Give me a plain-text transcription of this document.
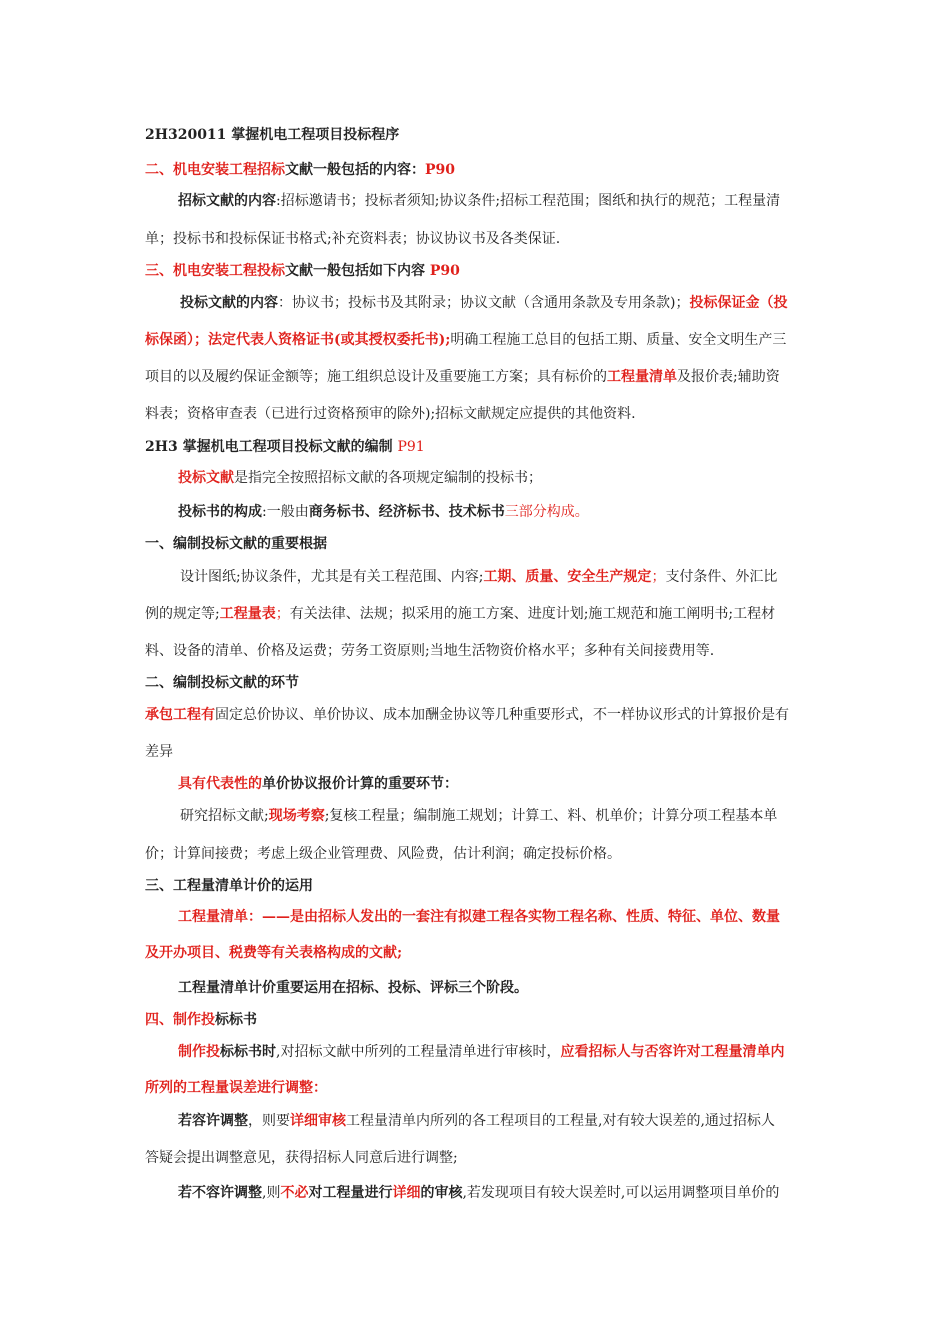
2H320011 掌握机电工程项目投标程序
二、机电安装工程招标文献一般包括的内容：P90
招标文献的内容:招标邀请书；投标者须知;协议条件;招标工程范围；图纸和执行的规范；工程量清
单；投标书和投标保证书格式;补充资料表；协议协议书及各类保证.
三、机电安装工程投标文献一般包括如下内容 P90
投标文献的内容：协议书；投标书及其附录；协议文献（含通用条款及专用条款)；投标保证金（投
标保函）；法定代表人资格证书(或其授权委托书);明确工程施工总目的包括工期、质量、安全文明生产三
项目的以及履约保证金额等；施工组织总设计及重要施工方案；具有标价的工程量清单及报价表;辅助资
料表；资格审查表（已进行过资格预审的除外);招标文献规定应提供的其他资料.
2H3 掌握机电工程项目投标文献的编制 P91
投标文献是指完全按照招标文献的各项规定编制的投标书；
投标书的构成:一般由商务标书、经济标书、技术标书三部分构成。
一、编制投标文献的重要根据
设计图纸;协议条件，尤其是有关工程范围、内容;工期、质量、安全生产规定；支付条件、外汇比
例的规定等;工程量表；有关法律、法规；拟采用的施工方案、进度计划;施工规范和施工阐明书;工程材
料、设备的清单、价格及运费；劳务工资原则;当地生活物资价格水平；多种有关间接费用等.
二、编制投标文献的环节
承包工程有固定总价协议、单价协议、成本加酬金协议等几种重要形式，不一样协议形式的计算报价是有
差异
具有代表性的单价协议报价计算的重要环节：
研究招标文献;现场考察;复核工程量；编制施工规划；计算工、料、机单价；计算分项工程基本单
价；计算间接费；考虑上级企业管理费、风险费，估计利润；确定投标价格。
三、工程量清单计价的运用
工程量清单：——是由招标人发出的一套注有拟建工程各实物工程名称、性质、特征、单位、数量
及开办项目、税费等有关表格构成的文献;
工程量清单计价重要运用在招标、投标、评标三个阶段。
四、制作投标标书
制作投标标书时,对招标文献中所列的工程量清单进行审核时，应看招标人与否容许对工程量清单内
所列的工程量误差进行调整：
若容许调整，则要详细审核工程量清单内所列的各工程项目的工程量,对有较大误差的,通过招标人
答疑会提出调整意见，获得招标人同意后进行调整;
若不容许调整,则不必对工程量进行详细的审核,若发现项目有较大误差时,可以运用调整项目单价的
